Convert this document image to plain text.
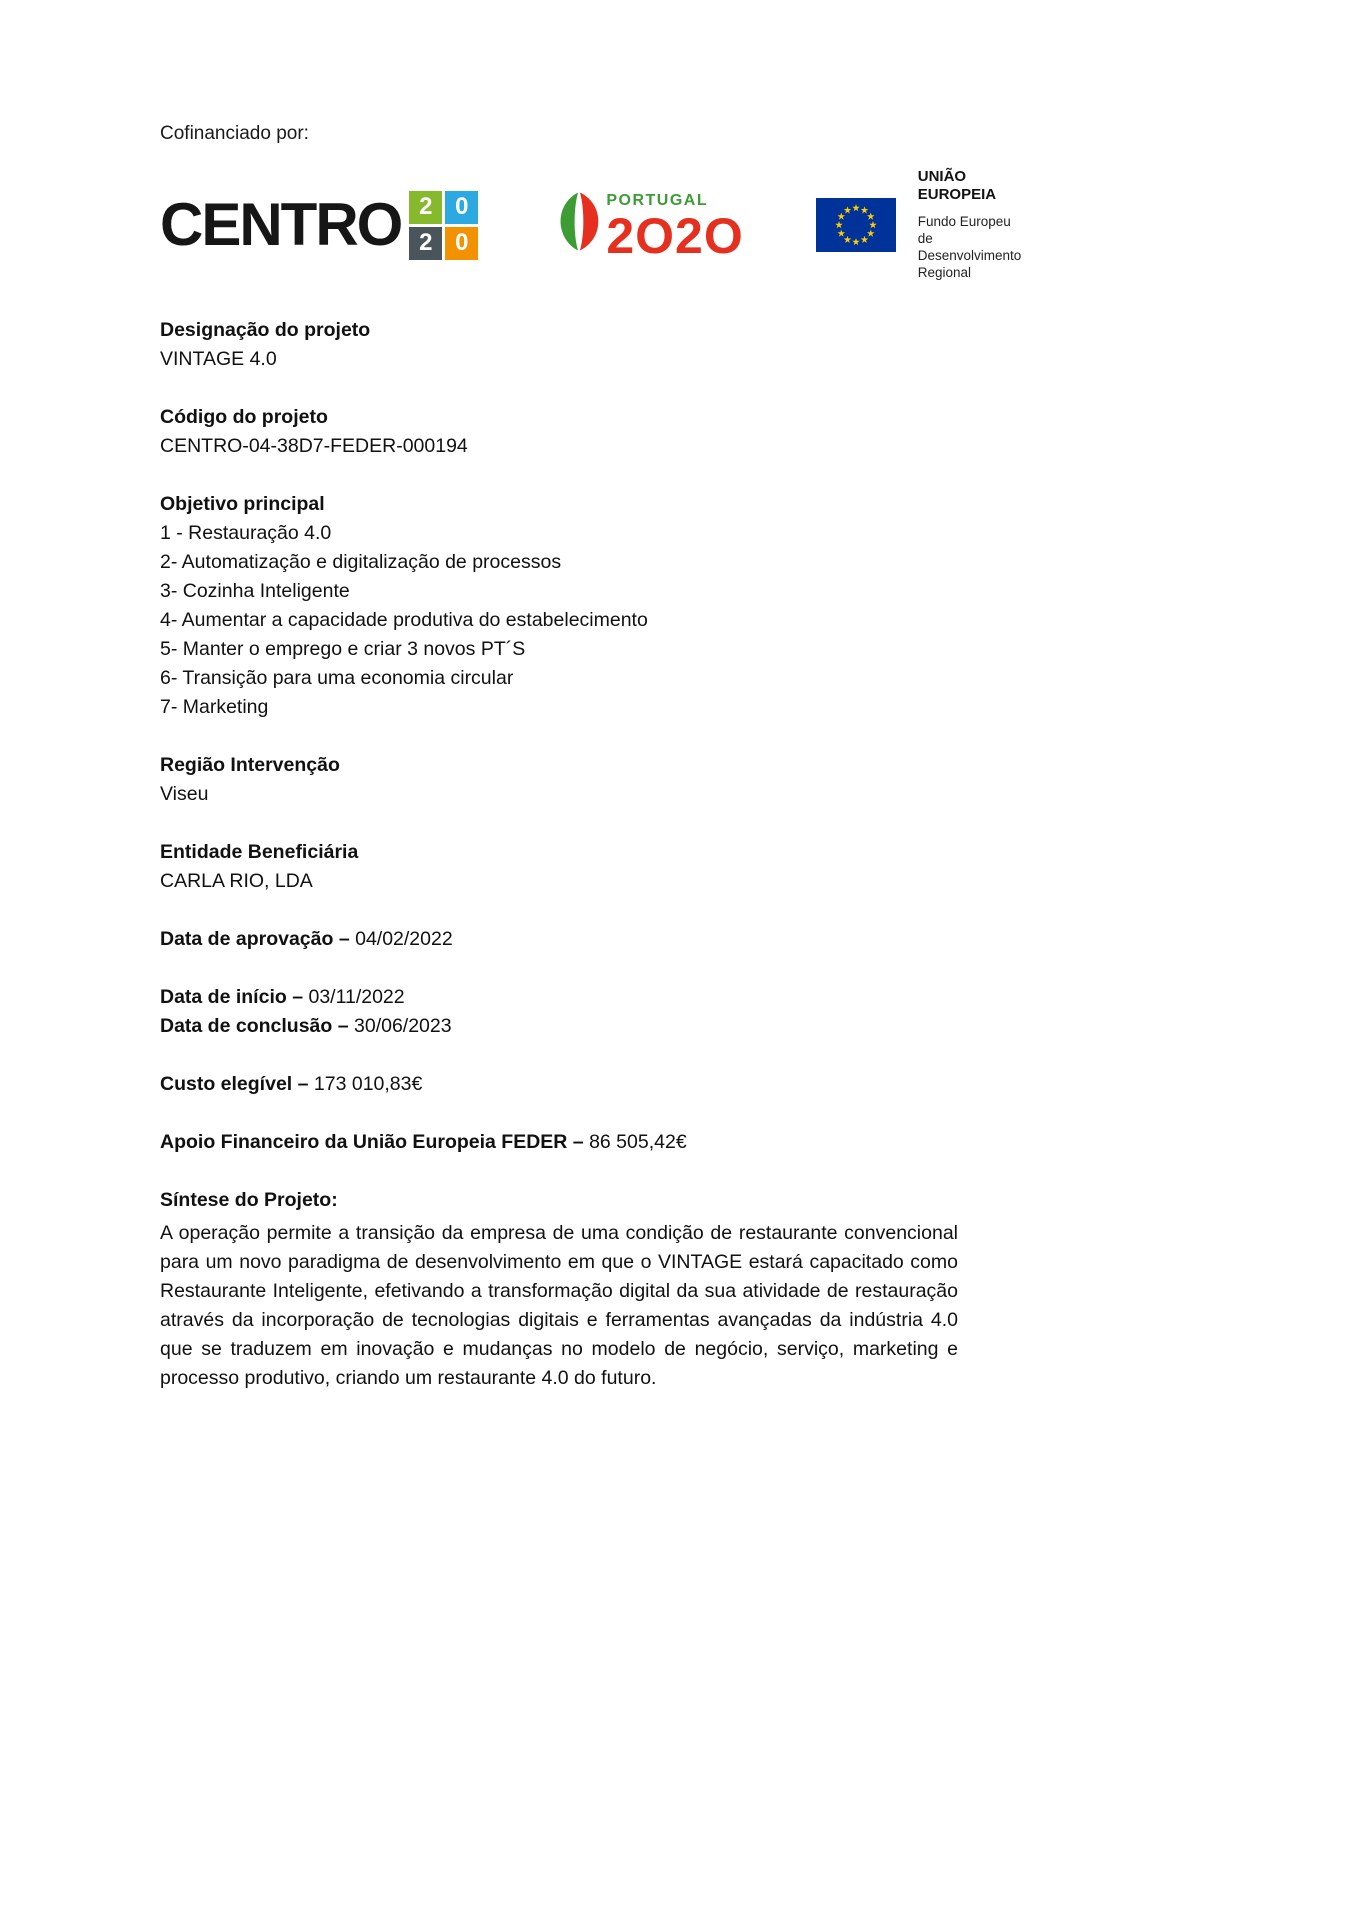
Cofinanciado por:

CENTRO 2 0
2 0
PORTUGAL
2O2O
UNIÃO EUROPEIA
Fundo Europeu
de Desenvolvimento Regional

Designação do projeto

VINTAGE 4.0

Código do projeto

CENTRO-04-38D7-FEDER-000194

Objetivo principal

1 - Restauração 4.0

2- Automatização e digitalização de processos

3- Cozinha Inteligente

4- Aumentar a capacidade produtiva do estabelecimento

5- Manter o emprego e criar 3 novos PT´S

6- Transição para uma economia circular

7- Marketing

Região Intervenção

Viseu

Entidade Beneficiária

CARLA RIO, LDA

Data de aprovação – 04/02/2022

Data de início – 03/11/2022

Data de conclusão – 30/06/2023

Custo elegível – 173 010,83€

Apoio Financeiro da União Europeia FEDER – 86 505,42€

Síntese do Projeto:

A operação permite a transição da empresa de uma condição de restaurante convencional para um novo paradigma de desenvolvimento em que o VINTAGE estará capacitado como Restaurante Inteligente, efetivando a transformação digital da sua atividade de restauração através da incorporação de tecnologias digitais e ferramentas avançadas da indústria 4.0 que se traduzem em inovação e mudanças no modelo de negócio, serviço, marketing e processo produtivo, criando um restaurante 4.0 do futuro.
